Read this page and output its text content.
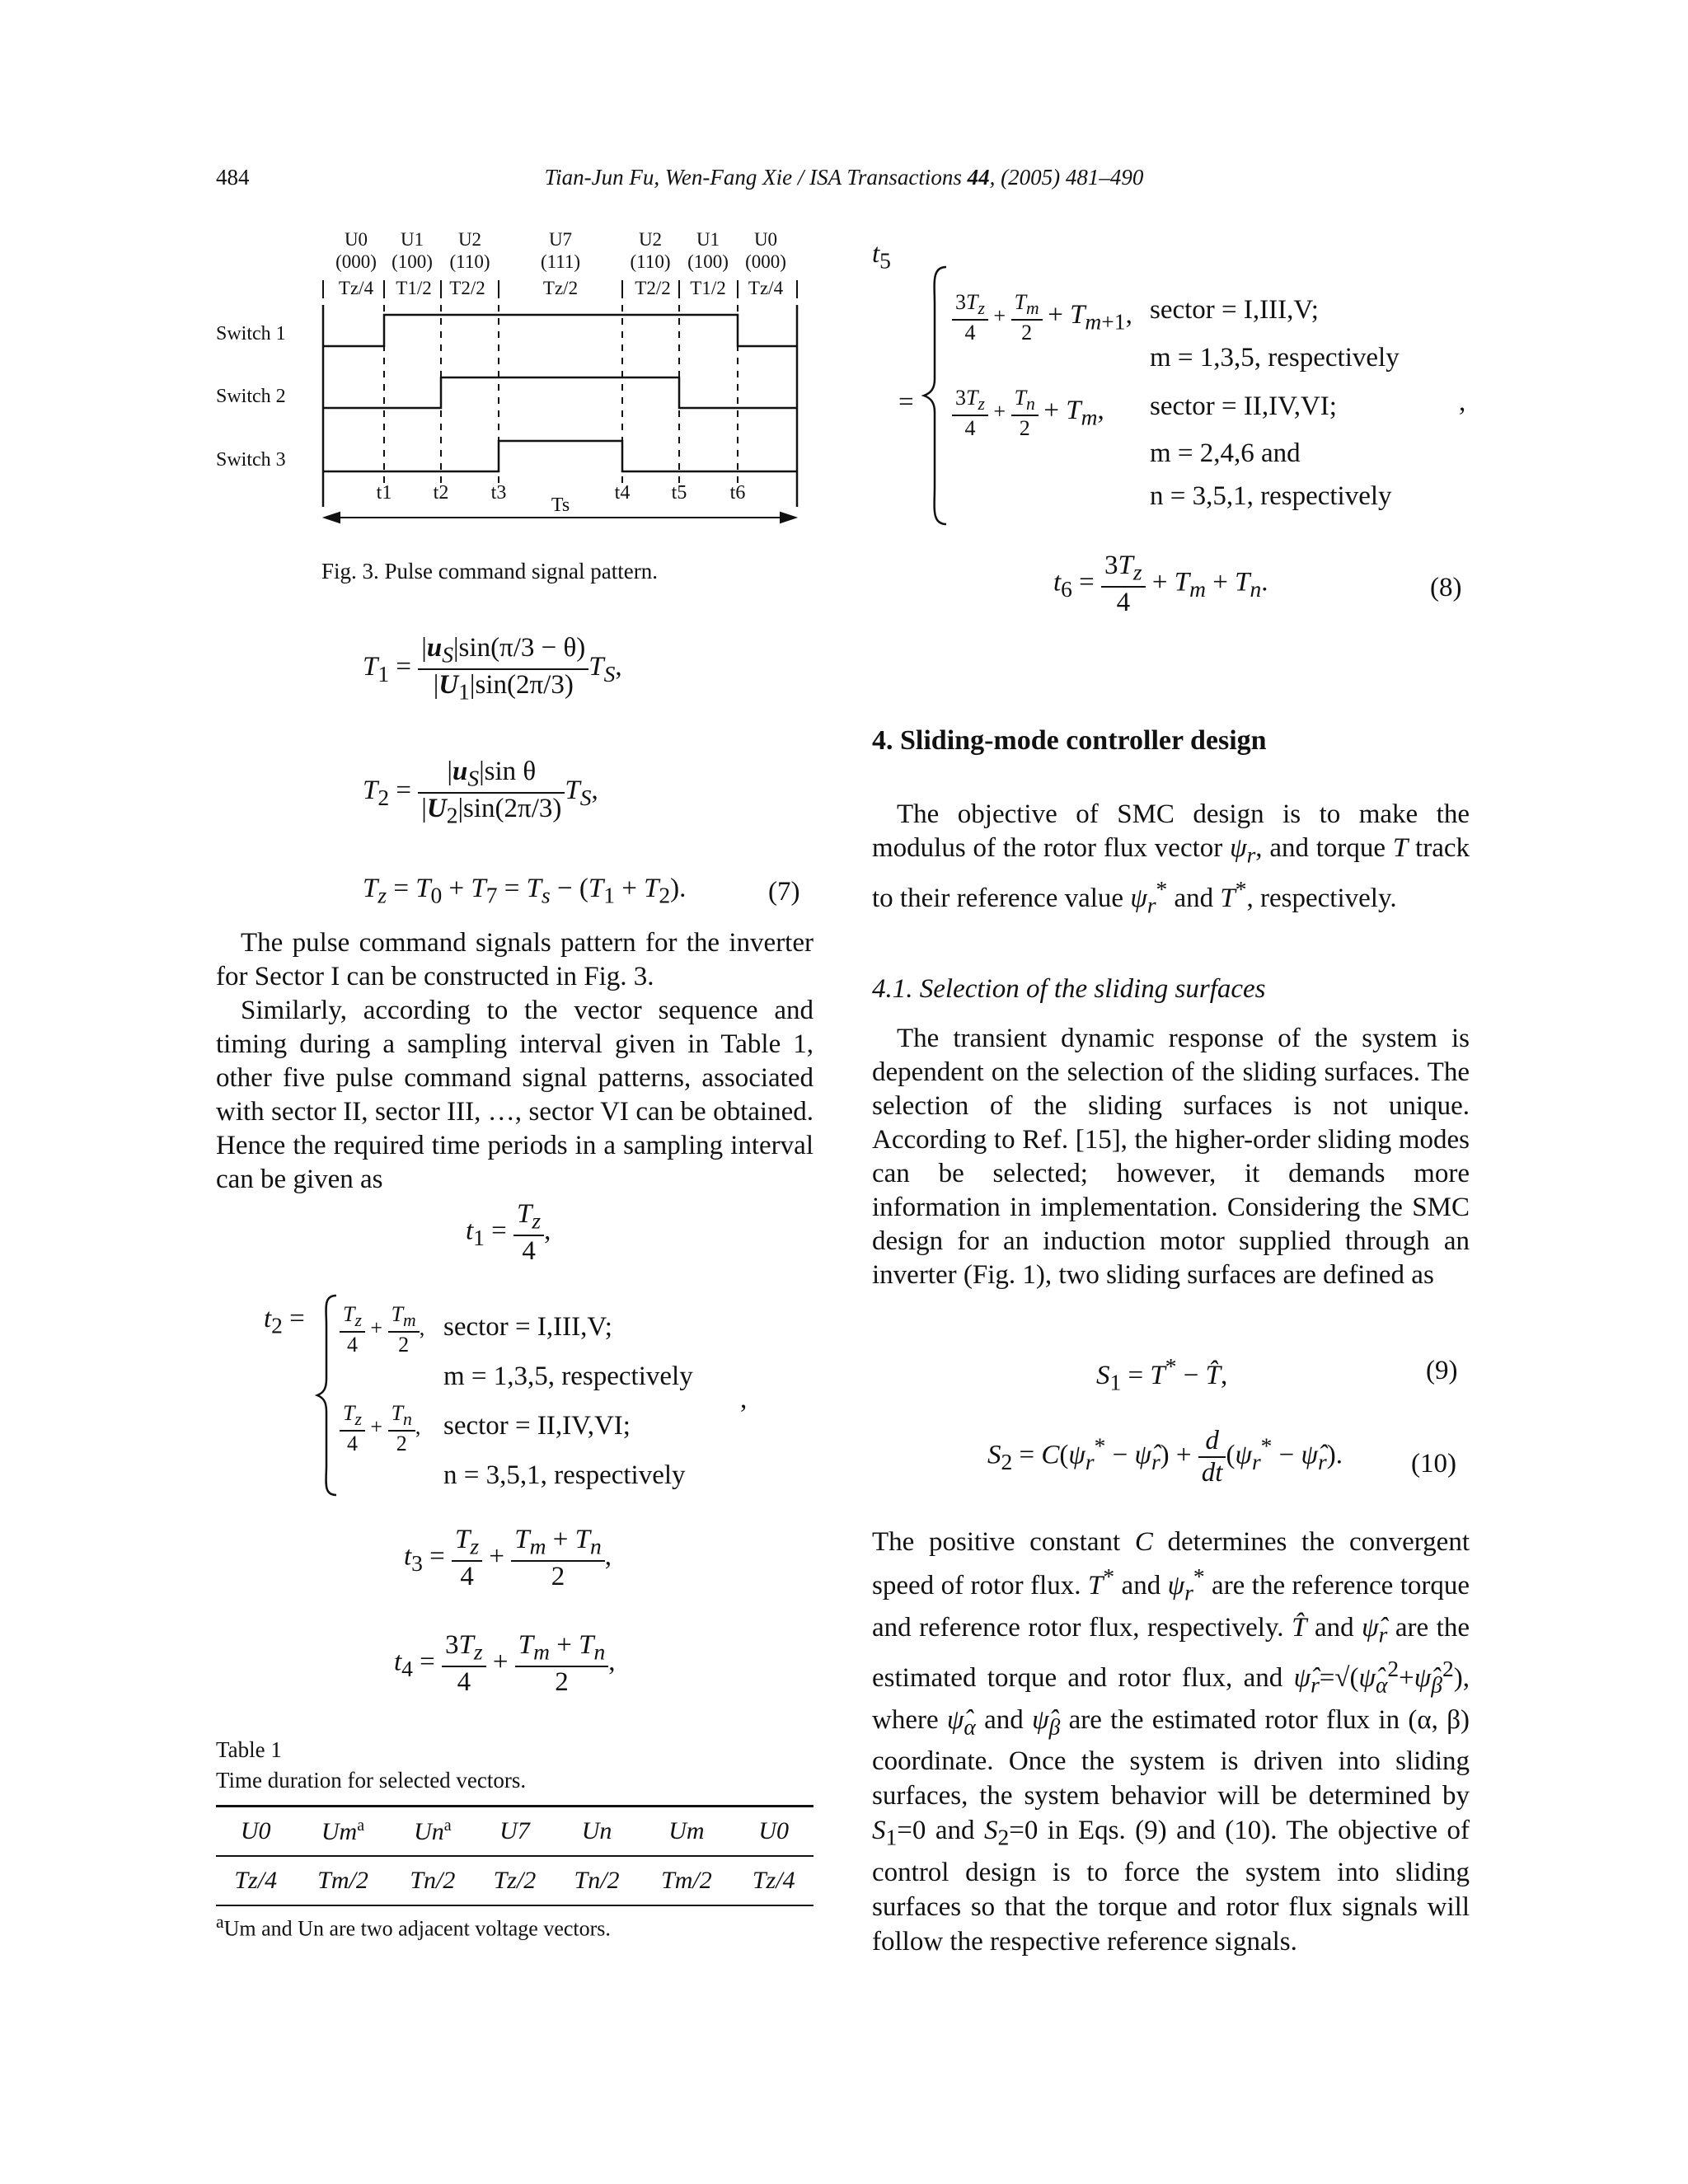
484	Tian-Jun Fu, Wen-Fang Xie / ISA Transactions 44, (2005) 481–490
U0 U1 U2	U7	U2 U1 U0
(000) (100) (110)	(111)	(110) (100) (000)
Tz/4 T1/2 T2/2	Tz/2	T2/2 T1/2 Tz/4
Switch 1
Switch 2
Switch 3
t1 t2 t3	t4 t5 t6
Ts
Fig. 3. Pulse command signal pattern.
$T_1 = \frac{|u_S|\sin(\pi/3 - \theta)}{|U_1|\sin(2\pi/3)} T_S$,
$T_2 = \frac{|u_S|\sin \theta}{|U_2|\sin(2\pi/3)} T_S$,
$T_z = T_0 + T_7 = T_s - (T_1 + T_2)$.	(7)

The pulse command signals pattern for the inverter for Sector I can be constructed in Fig. 3.

Similarly, according to the vector sequence and timing during a sampling interval given in Table 1, other five pulse command signal patterns, associated with sector II, sector III, …, sector VI can be obtained. Hence the required time periods in a sampling interval can be given as

$t_1 = \frac{T_z}{4}$ ,
$t_2 = \frac{T_z}{4} + \frac{T_m}{2}$ , sector = I,III,V;
m = 1,3,5, respectively
$\frac{T_z}{4} + \frac{T_n}{2}$ , sector = II,IV,VI;
n = 3,5,1, respectively
,
$t_3 = \frac{T_z}{4} + \frac{T_m + T_n}{2}$ ,
$t_4 = \frac{3T_z}{4} + \frac{T_m + T_n}{2}$ ,
Table 1
Time duration for selected vectors.
U0	Um$^a$	Un$^a$	U7	Un	Um	U0
Tz/4	Tm/2	Tn/2	Tz/2	Tn/2	Tm/2	Tz/4
$^a$Um and Un are two adjacent voltage vectors.
$t_5$
=
$\frac{3T_z}{4} + \frac{T_m}{2} + T_{m+1}$, sector = I,III,V;
m = 1,3,5, respectively
$\frac{3T_z}{4} + \frac{T_n}{2} + T_m$, sector = II,IV,VI;
m = 2,4,6 and
n = 3,5,1, respectively
,
$t_6 = \frac{3T_z}{4} + T_m + T_n$.	(8)
4. Sliding-mode controller design

The objective of SMC design is to make the modulus of the rotor flux vector $\psi_r$, and torque T track to their reference value $\psi_r^*$ and T*, respectively.

4.1. Selection of the sliding surfaces

The transient dynamic response of the system is dependent on the selection of the sliding surfaces. The selection of the sliding surfaces is not unique. According to Ref. [15], the higher-order sliding modes can be selected; however, it demands more information in implementation. Considering the SMC design for an induction motor supplied through an inverter (Fig. 1), two sliding surfaces are defined as

$S_1 = T^*$ − T̂,	(9)
$S_2 = C(\psi_r^*$ − $\psî_r) + \frac{d}{dt} (\psi_r^*$ − $\psî_r$).	(10)

The positive constant C determines the convergent speed of rotor flux. T* and $\psi_r^*$ are the reference torque and reference rotor flux, respectively. T̂ and $\psî_r$ are the estimated torque and rotor flux, and $\psî_r=√(\psî_\alpha^2+\psî_\beta^2)$, where $\psî_\alpha$ and $\psî_\beta$ are the estimated rotor flux in (α, β) coordinate. Once the system is driven into sliding surfaces, the system behavior will be determined by $S_1=0$ and $S_2=0$ in Eqs. (9) and (10). The objective of control design is to force the system into sliding surfaces so that the torque and rotor flux signals will follow the respective reference signals.
